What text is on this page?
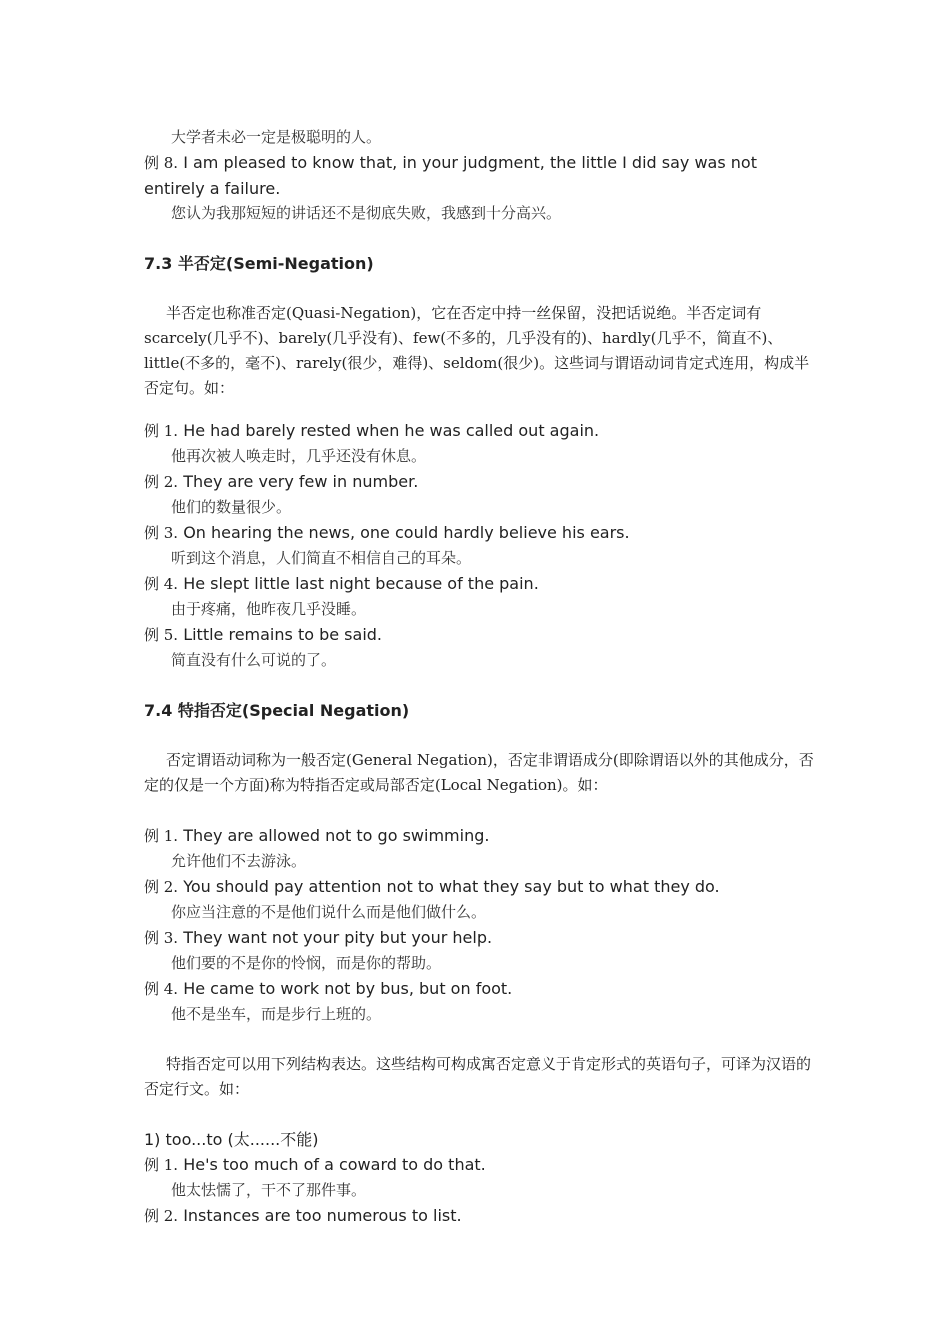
大学者未必一定是极聪明的人。
例 8. I am pleased to know that, in your judgment, the little I did say was not entirely a failure.
您认为我那短短的讲话还不是彻底失败，我感到十分高兴。
7.3 半否定(Semi-Negation)
半否定也称准否定(Quasi-Negation)，它在否定中持一丝保留，没把话说绝。半否定词有scarcely(几乎不)、barely(几乎没有)、few(不多的，几乎没有的)、hardly(几乎不，简直不)、little(不多的，毫不)、rarely(很少，难得)、seldom(很少)。这些词与谓语动词肯定式连用，构成半否定句。如：
例 1. He had barely rested when he was called out again.
他再次被人唤走时，几乎还没有休息。
例 2. They are very few in number.
他们的数量很少。
例 3. On hearing the news, one could hardly believe his ears.
听到这个消息，人们简直不相信自己的耳朵。
例 4. He slept little last night because of the pain.
由于疼痛，他昨夜几乎没睡。
例 5. Little remains to be said.
简直没有什么可说的了。
7.4 特指否定(Special Negation)
否定谓语动词称为一般否定(General Negation)，否定非谓语成分(即除谓语以外的其他成分，否定的仅是一个方面)称为特指否定或局部否定(Local Negation)。如：
例 1. They are allowed not to go swimming.
允许他们不去游泳。
例 2. You should pay attention not to what they say but to what they do.
你应当注意的不是他们说什么而是他们做什么。
例 3. They want not your pity but your help.
他们要的不是你的怜悯，而是你的帮助。
例 4. He came to work not by bus, but on foot.
他不是坐车，而是步行上班的。
特指否定可以用下列结构表达。这些结构可构成寓否定意义于肯定形式的英语句子，可译为汉语的否定行文。如：
1) too...to (太......不能)
例 1. He's too much of a coward to do that.
他太怯懦了，干不了那件事。
例 2. Instances are too numerous to list.
